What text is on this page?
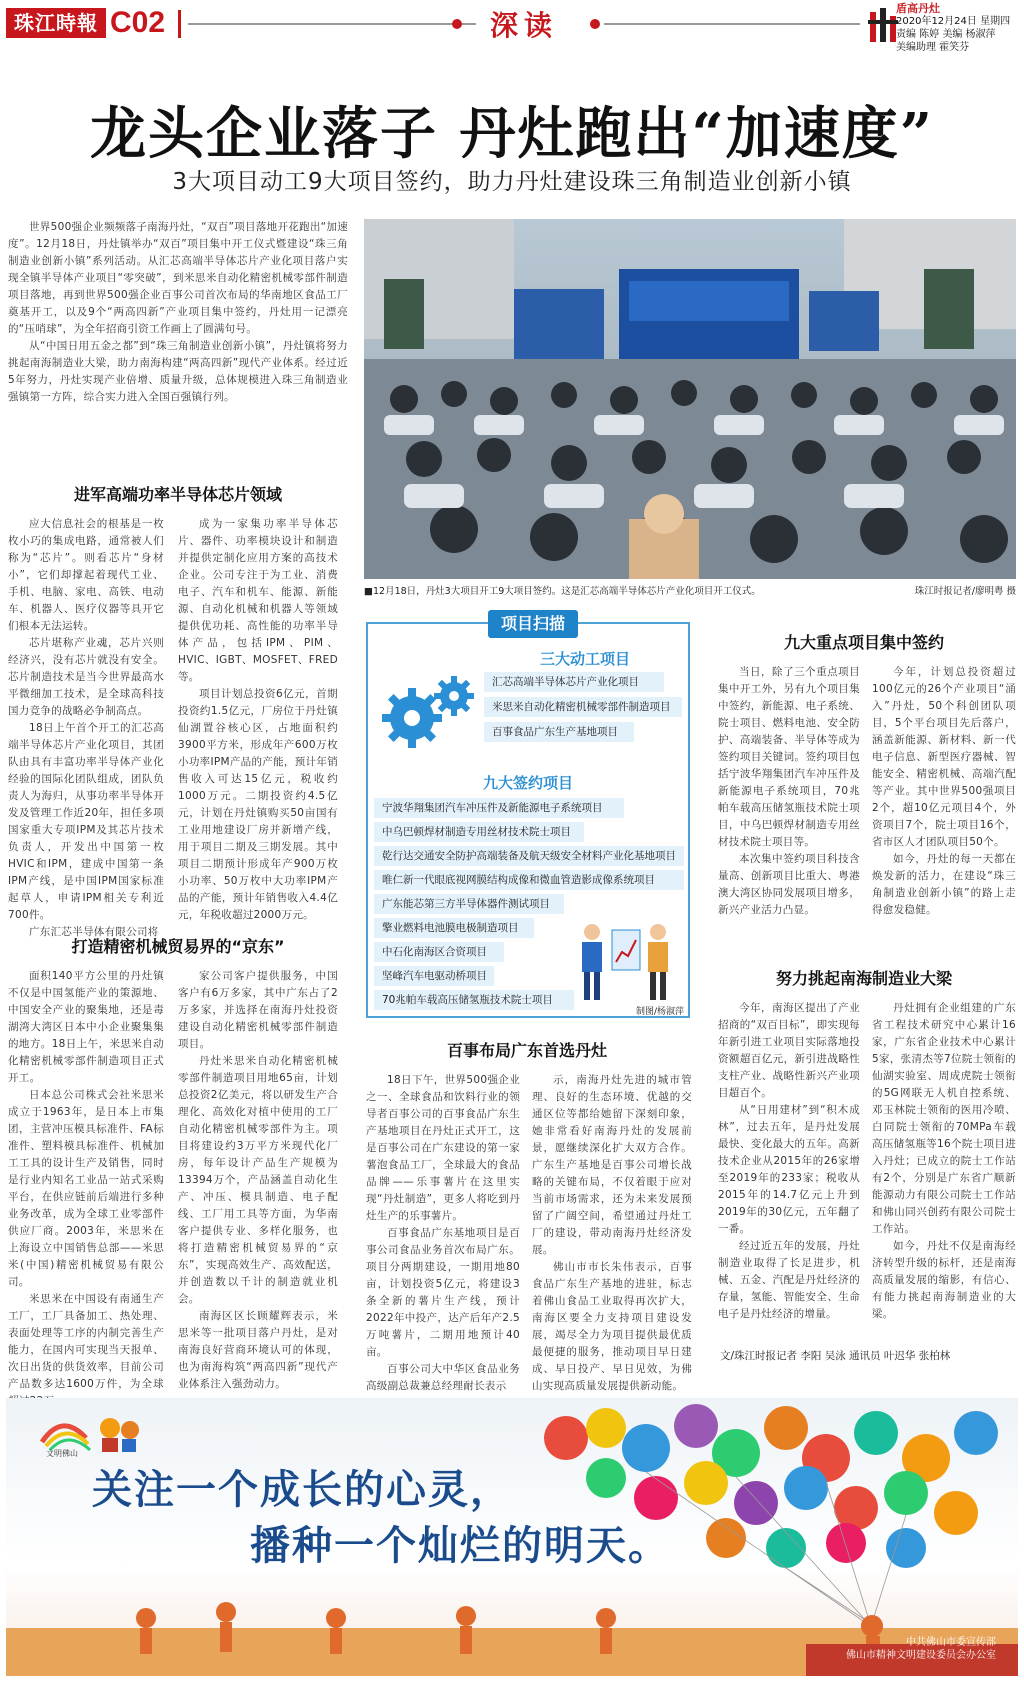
珠江時報 C02	深读
盾高丹灶
2020年12月24日 星期四
责编 陈婷 美编 杨淑萍
美编助理 霍笑芬
龙头企业落子 丹灶跑出“加速度”
3大项目动工9大项目签约，助力丹灶建设珠三角制造业创新小镇

世界500强企业频频落子南海丹灶，“双百”项目落地开花跑出“加速度”。12月18日，丹灶镇举办“双百”项目集中开工仪式暨建设“珠三角制造业创新小镇”系列活动。从汇芯高端半导体芯片产业化项目落户实现全镇半导体产业项目“零突破”，到米思米自动化精密机械零部件制造项目落地，再到世界500强企业百事公司首次布局的华南地区食品工厂奠基开工，以及9个“两高四新”产业项目集中签约，丹灶用一记漂亮的“压哨球”，为全年招商引资工作画上了圆满句号。

从“中国日用五金之都”到“珠三角制造业创新小镇”，丹灶镇将努力挑起南海制造业大梁，助力南海构建“两高四新”现代产业体系。经过近5年努力，丹灶实现产业倍增、质量升级，总体规模进入珠三角制造业强镇第一方阵，综合实力进入全国百强镇行列。

■12月18日，丹灶3大项目开工9大项目签约。这是汇芯高端半导体芯片产业化项目开工仪式。	珠江时报记者/廖明粤 摄
进军高端功率半导体芯片领域

应大信息社会的根基是一枚枚小巧的集成电路，通常被人们称为“芯片”。则看芯片“身材小”，它们却撑起着现代工业、手机、电脑、家电、高铁、电动车、机器人、医疗仪器等具开它们根本无法运转。

芯片堪称产业魂，芯片兴则经济兴，没有芯片就没有安全。芯片制造技术是当今世界最高水平微细加工技术，是全球高科技国力竞争的战略必争制高点。

18日上午首个开工的汇芯高端半导体芯片产业化项目，其团队由具有丰富功率半导体产业化经验的国际化团队组成，团队负责人为海归，从事功率半导体开发及管理工作近20年，担任多项国家重大专项IPM及其芯片技术负责人，开发出中国第一枚HVIC和IPM，建成中国第一条IPM产线，是中国IPM国家标准起草人，申请IPM相关专利近700件。

广东汇芯半导体有限公司将

成为一家集功率半导体芯片、器件、功率模块设计和制造并提供定制化应用方案的高技术企业。公司专注于为工业、消费电子、汽车和机车、能源、新能源、自动化机械和机器人等领域提供优功耗、高性能的功率半导体产品，包括IPM、PIM、HVIC、IGBT、MOSFET、FRED等。

项目计划总投资6亿元，首期投资约1.5亿元，厂房位于丹灶镇仙湖置谷核心区，占地面积约3900平方米，形成年产600万枚小功率IPM产品的产能，预计年销售收入可达15亿元，税收约1000万元。二期投资约4.5亿元，计划在丹灶镇购买50亩国有工业用地建设厂房并新增产线，用于项目二期及三期发展。其中项目二期预计形成年产900万枚小功率、50万枚中大功率IPM产品的产能，预计年销售收入4.4亿元，年税收超过2000万元。

打造精密机械贸易界的“京东”

面积140平方公里的丹灶镇不仅是中国氢能产业的策源地、中国安全产业的聚集地，还是毒湖湾大湾区日本中小企业聚集集的地方。18日上午，米思米自动化精密机械零部件制造项目正式开工。

日本总公司株式会社米思米成立于1963年，是日本上市集团，主营冲压模具标准件、FA标准件、塑料模具标准件、机械加工工具的设计生产及销售，同时是行业内知名工业品一站式采购平台，在供应链前后端进行多种业务改革，成为全球工业零部件供应厂商。2003年，米思米在上海设立中国销售总部——米思米(中国)精密机械贸易有限公司。

米思米在中国设有南通生产工厂，工厂具备加工、热处理、表面处理等工序的内制完善生产能力，在国内可实现当天报单、次日出货的供货效率，目前公司产品数多达1600万件，为全球

家公司客户提供服务，中国客户有6万多家，其中广东占了2万多家，并选择在南海丹灶投资建设自动化精密机械零部件制造项目。

丹灶米思米自动化精密机械零部件制造项目用地65亩，计划总投资2亿美元，将以研发生产合理化、高效化对植中使用的工厂自动化精密机械零部件为主。项目将建设约3万平方米现代化厂房，每年设计产品生产规模为13394万个，产品涵盖自动化生产、冲压、模具制造、电子配线、工厂用工具等方面，为华南客户提供专业、多样化服务，也将打造精密机械贸易界的“京东”，实现高效生产、高效配送，并创造数以千计的制造就业机会。

南海区区长顾耀辉表示，米思米等一批项目落户丹灶，是对南海良好营商环境认可的体现，也为南海构筑“两高四新”现代产业体系注入强劲动力。

项目扫描
三大动工项目
汇芯高端半导体芯片产业化项目
米思米自动化精密机械零部件制造项目
百事食品广东生产基地项目
九大签约项目
宁波华翔集团汽车冲压件及新能源电子系统项目
中乌巴顿焊材制造专用丝材技术院士项目
乾行达交通安全防护高端装备及航天级安全材料产业化基地项目
唯仁新一代眼底视网膜结构成像和微血管造影成像系统项目
广东能芯第三方半导体器件测试项目
擎业燃料电池膜电极制造项目
中石化南海区合资项目
坚峰汽车电驱动桥项目
70兆帕车载高压储氢瓶技术院士项目
制图/杨淑萍
百事布局广东首选丹灶

18日下午，世界500强企业之一、全球食品和饮料行业的领导者百事公司的百事食品广东生产基地项目在丹灶正式开工，这是百事公司在广东建设的第一家薯泡食品工厂，全球最大的食品品牌——乐事薯片在这里实现“丹灶制造”，更多人将吃到丹灶生产的乐事薯片。

百事食品广东基地项目是百事公司食品业务首次布局广东。项目分两期建设，一期用地80亩，计划投资5亿元，将建设3条全新的薯片生产线，预计2022年中投产，达产后年产2.5万吨薯片，二期用地预计40亩。

百事公司大中华区食品业务高级副总裁兼总经理耐长表示

示，南海丹灶先进的城市管理、良好的生态环境、优越的交通区位等都给她留下深刻印象，她非常看好南海丹灶的发展前景，愿继续深化扩大双方合作。广东生产基地是百事公司增长战略的关键布局，不仅着眼于应对当前市场需求，还为未来发展预留了广阔空间，希望通过丹灶工厂的建设，带动南海丹灶经济发展。

佛山市市长朱伟表示，百事食品广东生产基地的进驻，标志着佛山食品工业取得再次扩大，南海区要全力支持项目建设发展，竭尽全力为项目提供最优质最便捷的服务，推动项目早日建成、早日投产、早日见效，为佛山实现高质量发展提供新动能。

九大重点项目集中签约

当日，除了三个重点项目集中开工外，另有九个项目集中签约，新能源、电子系统、院士项目、燃料电池、安全防护、高端装备、半导体等成为签约项目关键词。签约项目包括宁波华翔集团汽车冲压件及新能源电子系统项目，70兆帕车载高压储氢瓶技术院士项目，中乌巴顿焊材制造专用丝材技术院士项目等。

本次集中签约项目科技含量高、创新项目比重大、粤港澳大湾区协同发展项目增多，新兴产业活力凸显。

今年，计划总投资超过100亿元的26个产业项目“涌入”丹灶，50个科创团队项目，5个平台项目先后落户，涵盖新能源、新材料、新一代电子信息、新型医疗器械、智能安全、精密机械、高端汽配等产业。其中世界500强项目2个，超10亿元项目4个，外资项目7个，院士项目16个，省市区人才团队项目50个。

如今，丹灶的每一天都在焕发新的活力，在建设“珠三角制造业创新小镇”的路上走得愈发稳健。

努力挑起南海制造业大梁

今年，南海区提出了产业招商的“双百目标”，即实现每年新引进工业项目实际落地投资额超百亿元，新引进战略性支柱产业、战略性新兴产业项目超百个。

从“日用建材”到“积木成林”，过去五年，是丹灶发展最快、变化最大的五年。高新技术企业从2015年的26家增至2019年的233家；税收从2015年的14.7亿元上升到2019年的30亿元，五年翻了一番。

经过近五年的发展，丹灶制造业取得了长足进步，机械、五金、汽配是丹灶经济的存量，氢能、智能安全、生命电子是丹灶经济的增量。

丹灶拥有企业组建的广东省工程技术研究中心累计16家，广东省企业技术中心累计5家，张清杰等7位院士领衔的仙湖实验室、周成虎院士领衔的5G网联无人机自控系统、邓玉林院士领衔的医用冷喷、白同院士领衔的70MPa车载高压储氢瓶等16个院士项目进入丹灶；已成立的院士工作站有2个，分别是广东省广顺新能源动力有限公司院士工作站和佛山同兴创药有限公司院士工作站。

如今，丹灶不仅是南海经济转型升级的标杆，还是南海高质量发展的缩影，有信心、有能力挑起南海制造业的大梁。

文/珠江时报记者 李阳 吴泳 通讯员 叶迟华 张柏林
文明佛山
关注一个成长的心灵，
播种一个灿烂的明天。
中共佛山市委宣传部
佛山市精神文明建设委员会办公室
